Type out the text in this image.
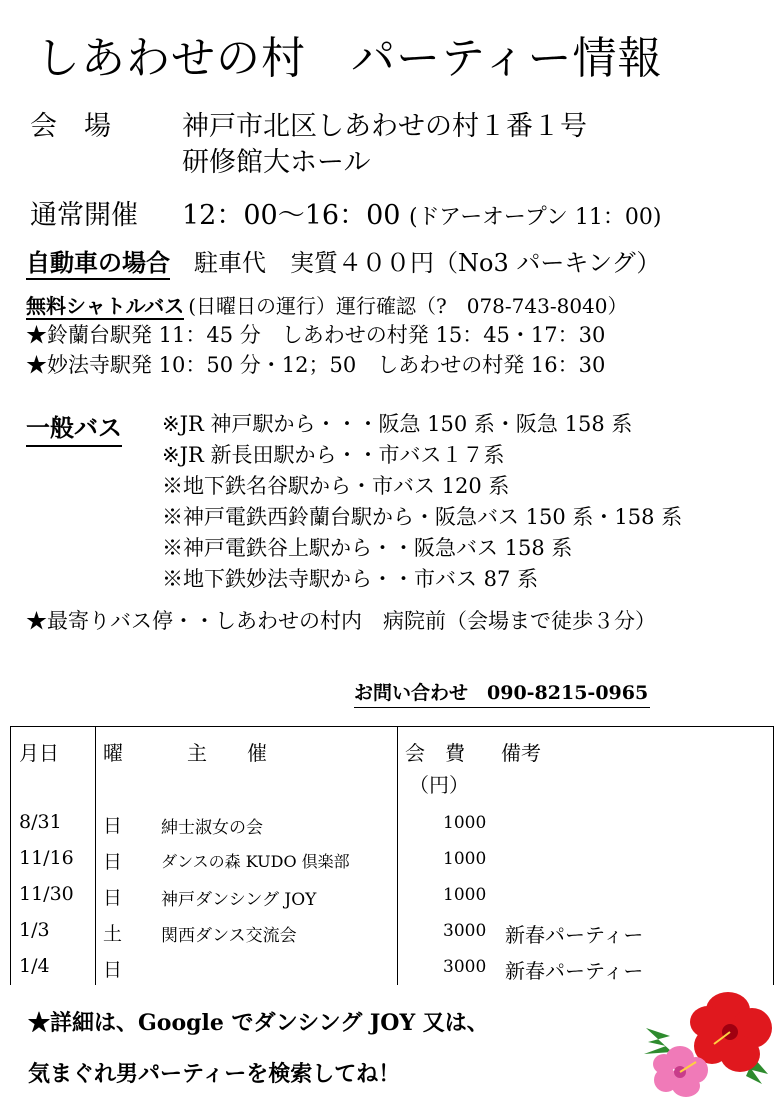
しあわせの村　パーティー情報
会　場	神戸市北区しあわせの村１番１号
研修館大ホール
通常開催 12：00〜16：00 (ドアーオープン 11：00)
自動車の場合 駐車代　実質４００円（No3 パーキング）
無料シャトルバス (日曜日の運行）運行確認（?　078-743-8040）
★鈴蘭台駅発 11：45 分　しあわせの村発 15：45・17：30
★妙法寺駅発 10：50 分・12；50　しあわせの村発 16：30
一般バス ※JR 神戸駅から・・・阪急 150 系・阪急 158 系
※JR 新長田駅から・・市バス１７系
※地下鉄名谷駅から・市バス 120 系
※神戸電鉄西鈴蘭台駅から・阪急バス 150 系・158 系
※神戸電鉄谷上駅から・・阪急バス 158 系
※地下鉄妙法寺駅から・・市バス 87 系
★最寄りバス停・・しあわせの村内　病院前（会場まで徒歩３分）
お問い合わせ　090-8215-0965
月日 曜	主　　催	会　費 備考
（円）
8/31 日 紳士淑女の会	1000
11/16 日 ダンスの森 KUDO 倶楽部	1000
11/30 日 神戸ダンシング JOY	1000
1/3	土 関西ダンス交流会	3000 新春パーティー
1/4	日	3000 新春パーティー
★詳細は、Google でダンシング JOY 又は、
気まぐれ男パーティーを検索してね！
